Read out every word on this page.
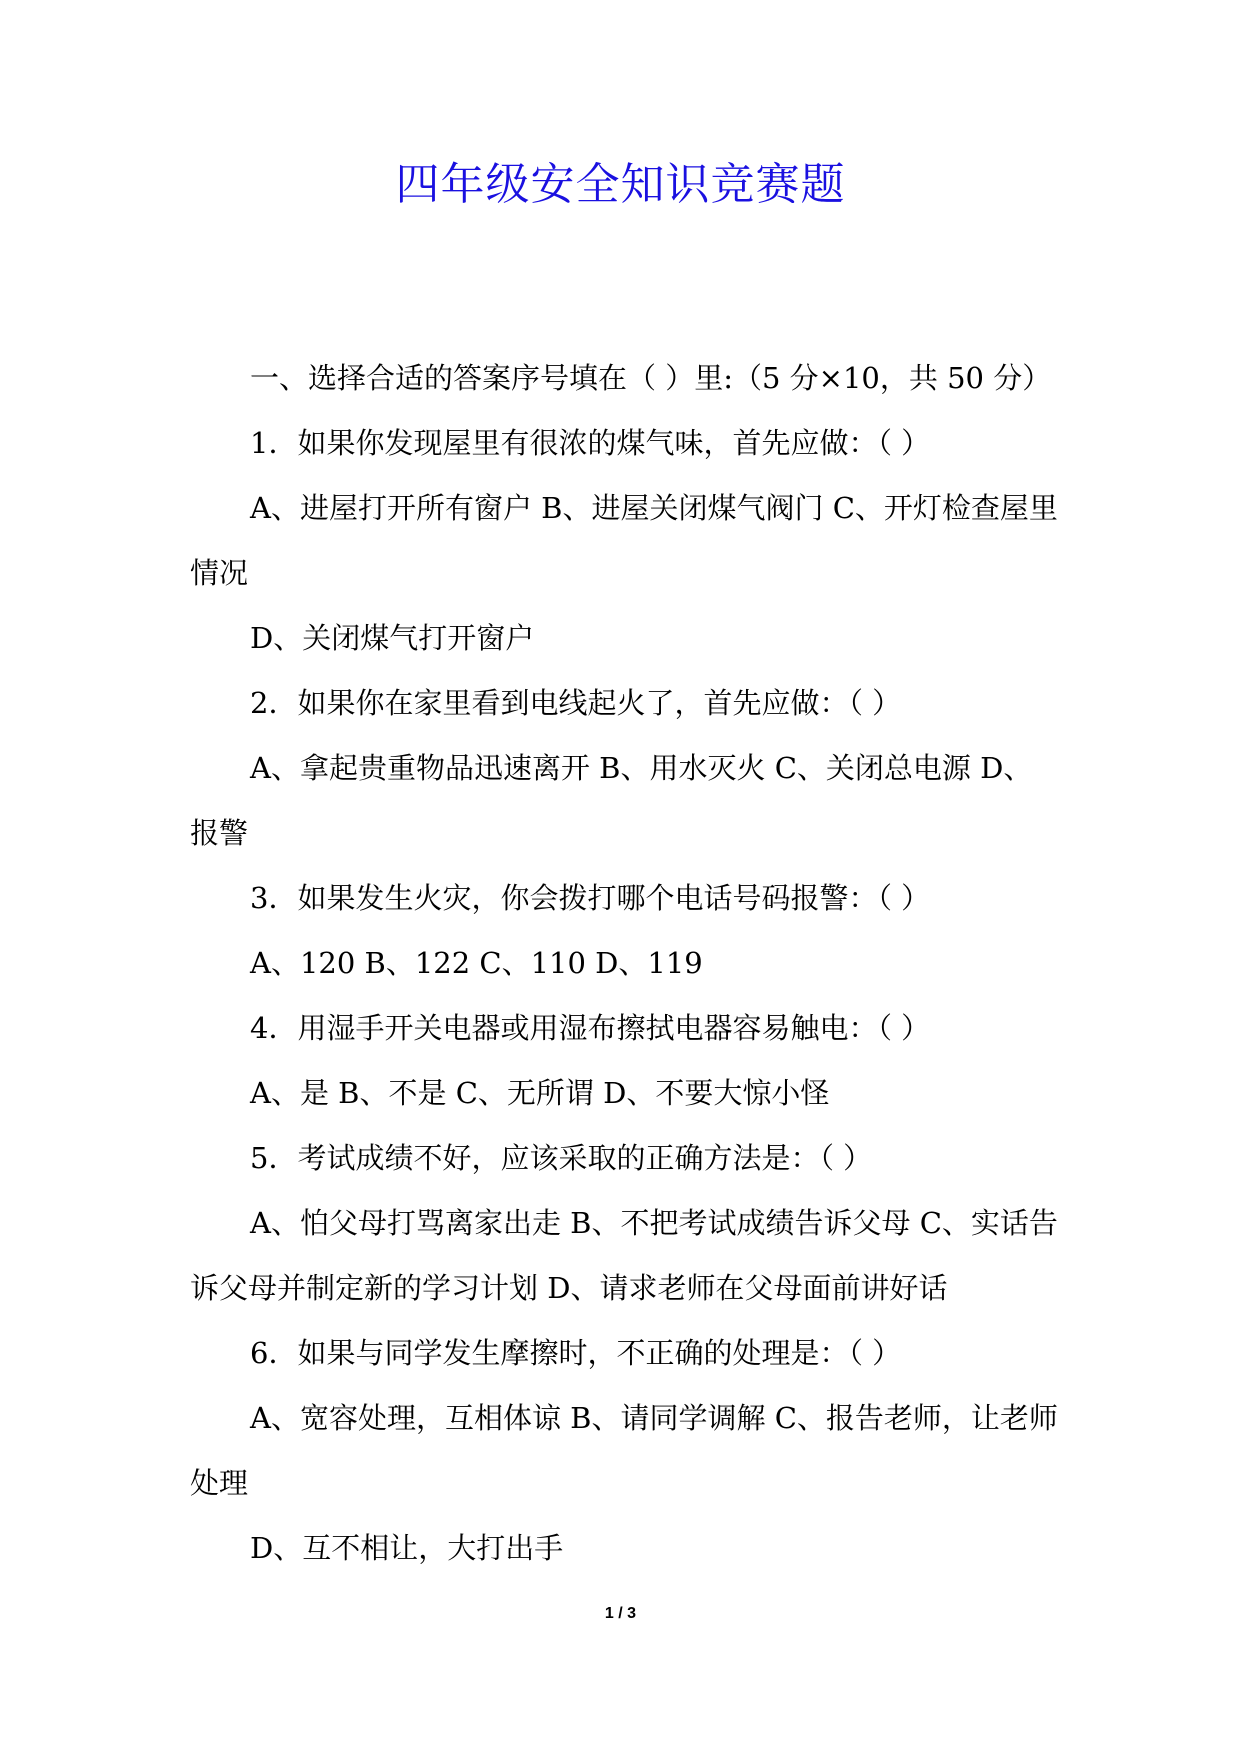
四年级安全知识竞赛题

一、选择合适的答案序号填在（ ）里:（5 分×10，共 50 分）

1．如果你发现屋里有很浓的煤气味，首先应做：（ ）

A、进屋打开所有窗户 B、进屋关闭煤气阀门 C、开灯检查屋里情况

D、关闭煤气打开窗户

2．如果你在家里看到电线起火了，首先应做：（ ）

A、拿起贵重物品迅速离开 B、用水灭火 C、关闭总电源 D、报警

3．如果发生火灾，你会拨打哪个电话号码报警：（ ）

A、120 B、122 C、110 D、119

4．用湿手开关电器或用湿布擦拭电器容易触电：（ ）

A、是 B、不是 C、无所谓 D、不要大惊小怪

5．考试成绩不好，应该采取的正确方法是：（ ）

A、怕父母打骂离家出走 B、不把考试成绩告诉父母 C、实话告诉父母并制定新的学习计划 D、请求老师在父母面前讲好话

6．如果与同学发生摩擦时，不正确的处理是：（ ）

A、宽容处理，互相体谅 B、请同学调解 C、报告老师，让老师处理

D、互不相让，大打出手

1 / 3
